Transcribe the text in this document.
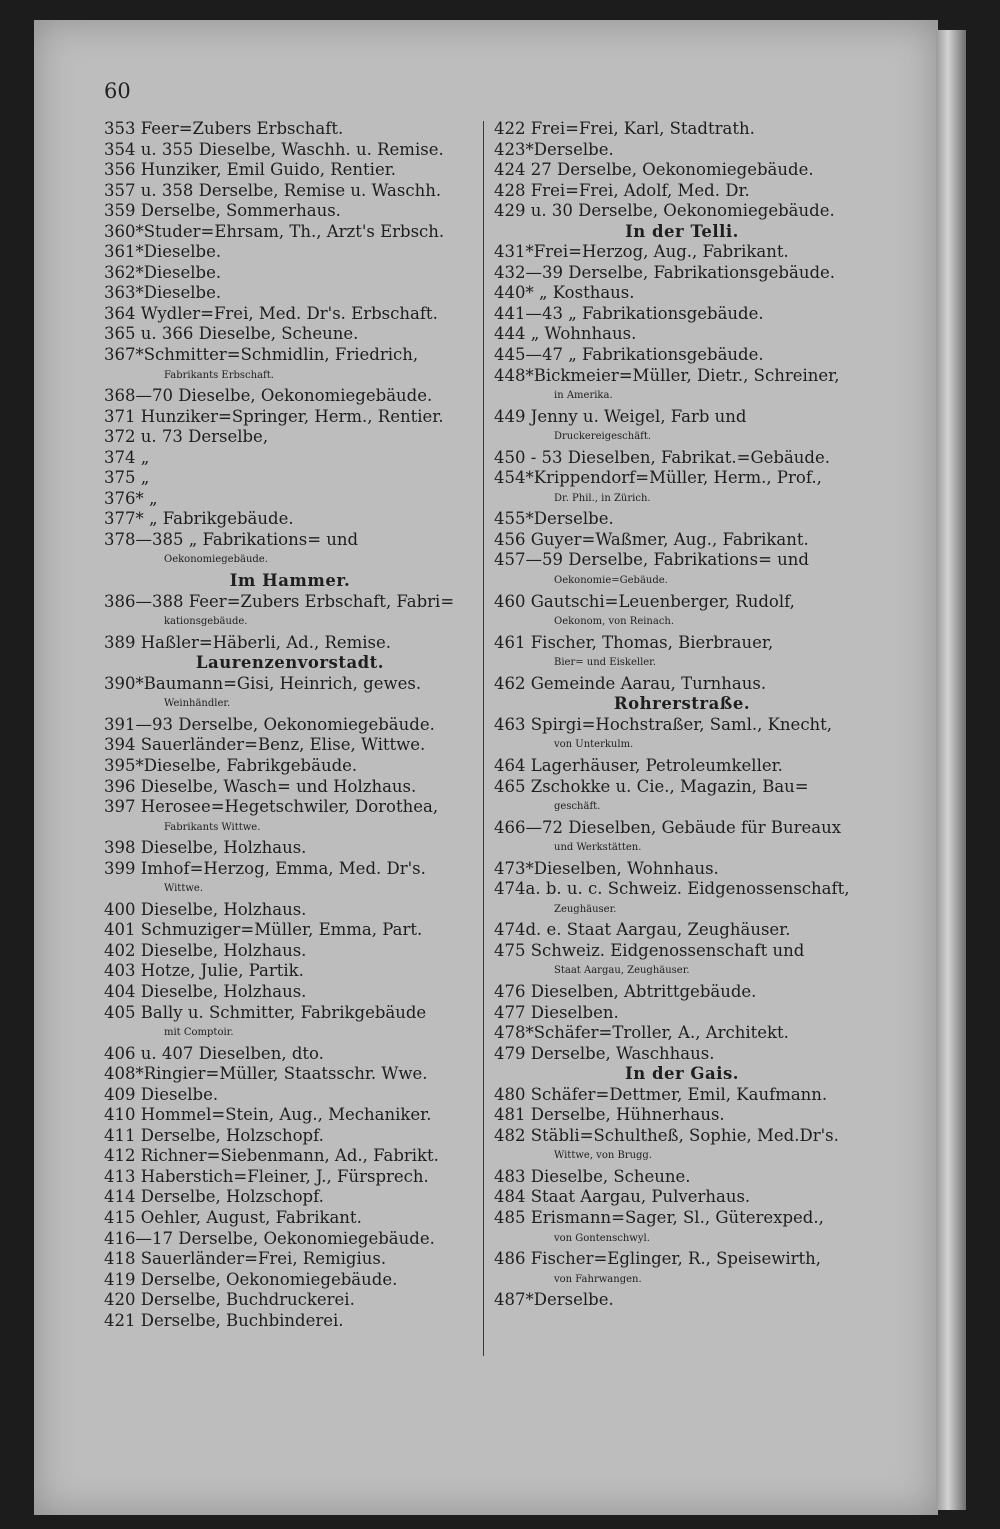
60
353 Feer=Zubers Erbschaft.
354 u. 355 Dieselbe, Waschh. u. Remise.
356 Hunziker, Emil Guido, Rentier.
357 u. 358 Derselbe, Remise u. Waschh.
359 Derselbe, Sommerhaus.
360*Studer=Ehrsam, Th., Arzt's Erbsch.
361*Dieselbe.
362*Dieselbe.
363*Dieselbe.
364 Wydler=Frei, Med. Dr's. Erbschaft.
365 u. 366 Dieselbe, Scheune.
367*Schmitter=Schmidlin, Friedrich,
Fabrikants Erbschaft.
368—70 Dieselbe, Oekonomiegebäude.
371 Hunziker=Springer, Herm., Rentier.
372 u. 73 Derselbe,
374 „
375 „
376* „
377* „ Fabrikgebäude.
378—385 „ Fabrikations= und
Oekonomiegebäude.
Im Hammer.
386—388 Feer=Zubers Erbschaft, Fabri=
kationsgebäude.
389 Haßler=Häberli, Ad., Remise.
Laurenzenvorstadt.
390*Baumann=Gisi, Heinrich, gewes.
Weinhändler.
391—93 Derselbe, Oekonomiegebäude.
394 Sauerländer=Benz, Elise, Wittwe.
395*Dieselbe, Fabrikgebäude.
396 Dieselbe, Wasch= und Holzhaus.
397 Herosee=Hegetschwiler, Dorothea,
Fabrikants Wittwe.
398 Dieselbe, Holzhaus.
399 Imhof=Herzog, Emma, Med. Dr's.
Wittwe.
400 Dieselbe, Holzhaus.
401 Schmuziger=Müller, Emma, Part.
402 Dieselbe, Holzhaus.
403 Hotze, Julie, Partik.
404 Dieselbe, Holzhaus.
405 Bally u. Schmitter, Fabrikgebäude
mit Comptoir.
406 u. 407 Dieselben, dto.
408*Ringier=Müller, Staatsschr. Wwe.
409 Dieselbe.
410 Hommel=Stein, Aug., Mechaniker.
411 Derselbe, Holzschopf.
412 Richner=Siebenmann, Ad., Fabrikt.
413 Haberstich=Fleiner, J., Fürsprech.
414 Derselbe, Holzschopf.
415 Oehler, August, Fabrikant.
416—17 Derselbe, Oekonomiegebäude.
418 Sauerländer=Frei, Remigius.
419 Derselbe, Oekonomiegebäude.
420 Derselbe, Buchdruckerei.
421 Derselbe, Buchbinderei.
422 Frei=Frei, Karl, Stadtrath.
423*Derselbe.
424 27 Derselbe, Oekonomiegebäude.
428 Frei=Frei, Adolf, Med. Dr.
429 u. 30 Derselbe, Oekonomiegebäude.
In der Telli.
431*Frei=Herzog, Aug., Fabrikant.
432—39 Derselbe, Fabrikationsgebäude.
440* „ Kosthaus.
441—43 „ Fabrikationsgebäude.
444 „ Wohnhaus.
445—47 „ Fabrikationsgebäude.
448*Bickmeier=Müller, Dietr., Schreiner,
in Amerika.
449 Jenny u. Weigel, Farb und
Druckereigeschäft.
450 - 53 Dieselben, Fabrikat.=Gebäude.
454*Krippendorf=Müller, Herm., Prof.,
Dr. Phil., in Zürich.
455*Derselbe.
456 Guyer=Waßmer, Aug., Fabrikant.
457—59 Derselbe, Fabrikations= und
Oekonomie=Gebäude.
460 Gautschi=Leuenberger, Rudolf,
Oekonom, von Reinach.
461 Fischer, Thomas, Bierbrauer,
Bier= und Eiskeller.
462 Gemeinde Aarau, Turnhaus.
Rohrerstraße.
463 Spirgi=Hochstraßer, Saml., Knecht,
von Unterkulm.
464 Lagerhäuser, Petroleumkeller.
465 Zschokke u. Cie., Magazin, Bau=
geschäft.
466—72 Dieselben, Gebäude für Bureaux
und Werkstätten.
473*Dieselben, Wohnhaus.
474a. b. u. c. Schweiz. Eidgenossenschaft,
Zeughäuser.
474d. e. Staat Aargau, Zeughäuser.
475 Schweiz. Eidgenossenschaft und
Staat Aargau, Zeughäuser.
476 Dieselben, Abtrittgebäude.
477 Dieselben.
478*Schäfer=Troller, A., Architekt.
479 Derselbe, Waschhaus.
In der Gais.
480 Schäfer=Dettmer, Emil, Kaufmann.
481 Derselbe, Hühnerhaus.
482 Stäbli=Schultheß, Sophie, Med.Dr's.
Wittwe, von Brugg.
483 Dieselbe, Scheune.
484 Staat Aargau, Pulverhaus.
485 Erismann=Sager, Sl., Güterexped.,
von Gontenschwyl.
486 Fischer=Eglinger, R., Speisewirth,
von Fahrwangen.
487*Derselbe.
